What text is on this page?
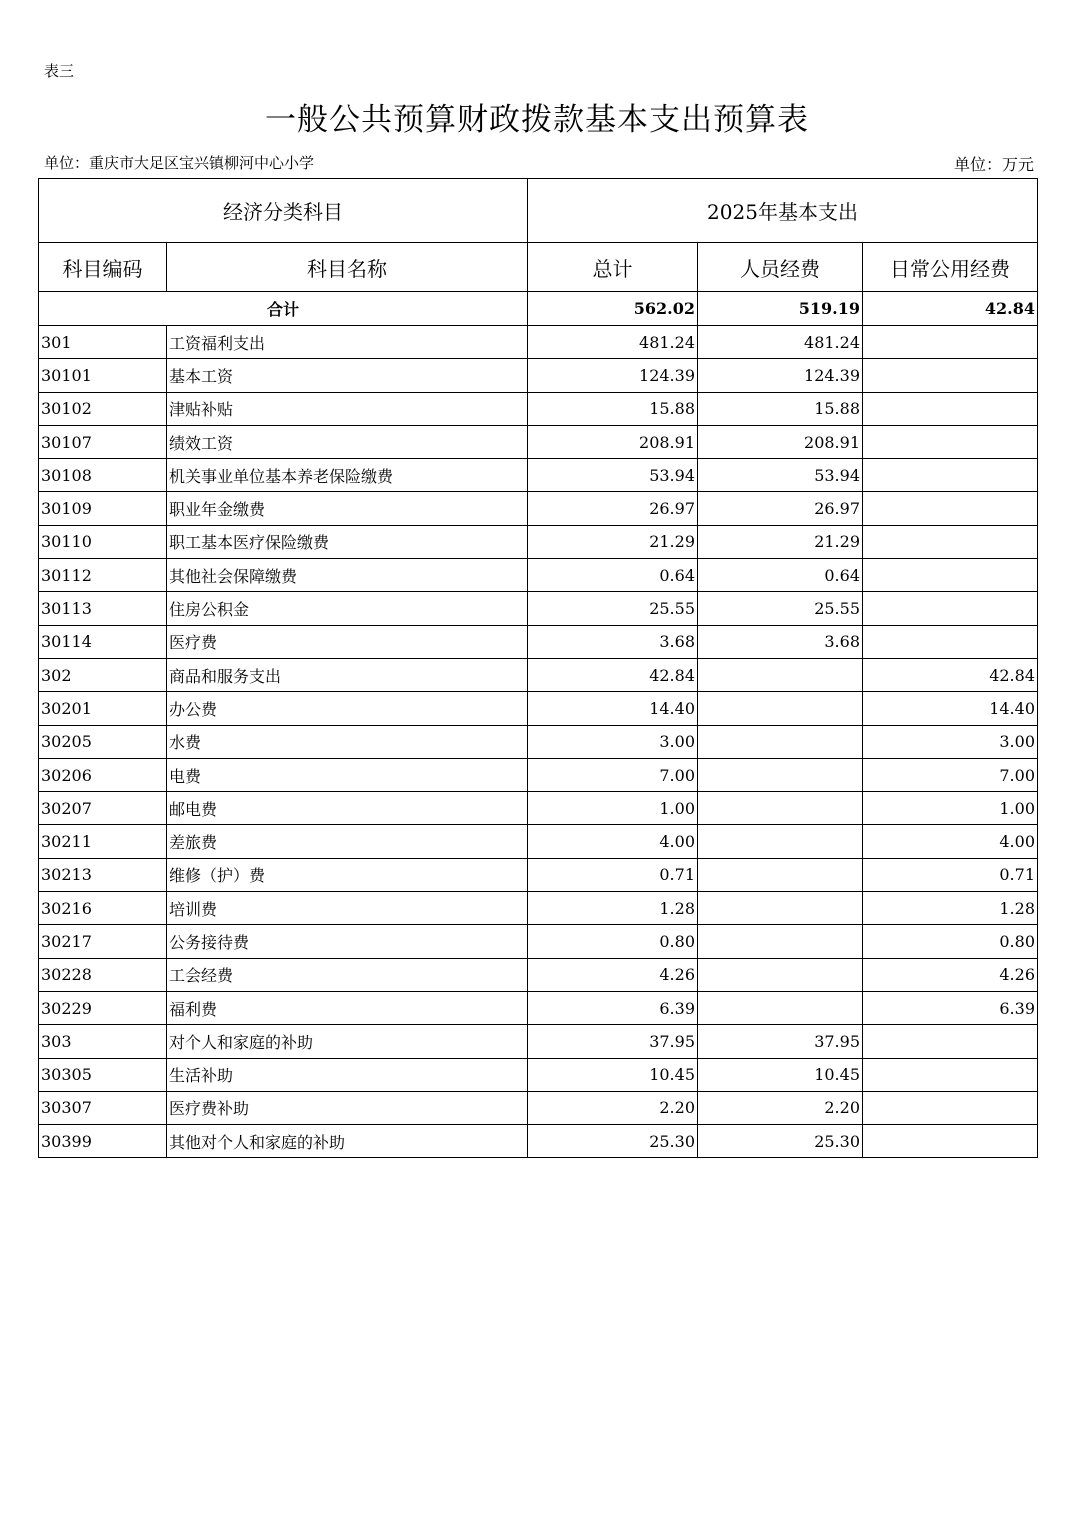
表三
一般公共预算财政拨款基本支出预算表
单位：重庆市大足区宝兴镇柳河中心小学	单位：万元
经济分类科目		2025年基本支出		
科目编码	科目名称	总计	人员经费	日常公用经费
合计		562.02	519.19	42.84
301	工资福利支出	481.24	481.24	
30101	基本工资	124.39	124.39	
30102	津贴补贴	15.88	15.88	
30107	绩效工资	208.91	208.91	
30108	机关事业单位基本养老保险缴费	53.94	53.94	
30109	职业年金缴费	26.97	26.97	
30110	职工基本医疗保险缴费	21.29	21.29	
30112	其他社会保障缴费	0.64	0.64	
30113	住房公积金	25.55	25.55	
30114	医疗费	3.68	3.68	
302	商品和服务支出	42.84		42.84
30201	办公费	14.40		14.40
30205	水费	3.00		3.00
30206	电费	7.00		7.00
30207	邮电费	1.00		1.00
30211	差旅费	4.00		4.00
30213	维修（护）费	0.71		0.71
30216	培训费	1.28		1.28
30217	公务接待费	0.80		0.80
30228	工会经费	4.26		4.26
30229	福利费	6.39		6.39
303	对个人和家庭的补助	37.95	37.95	
30305	生活补助	10.45	10.45	
30307	医疗费补助	2.20	2.20	
30399	其他对个人和家庭的补助	25.30	25.30	
